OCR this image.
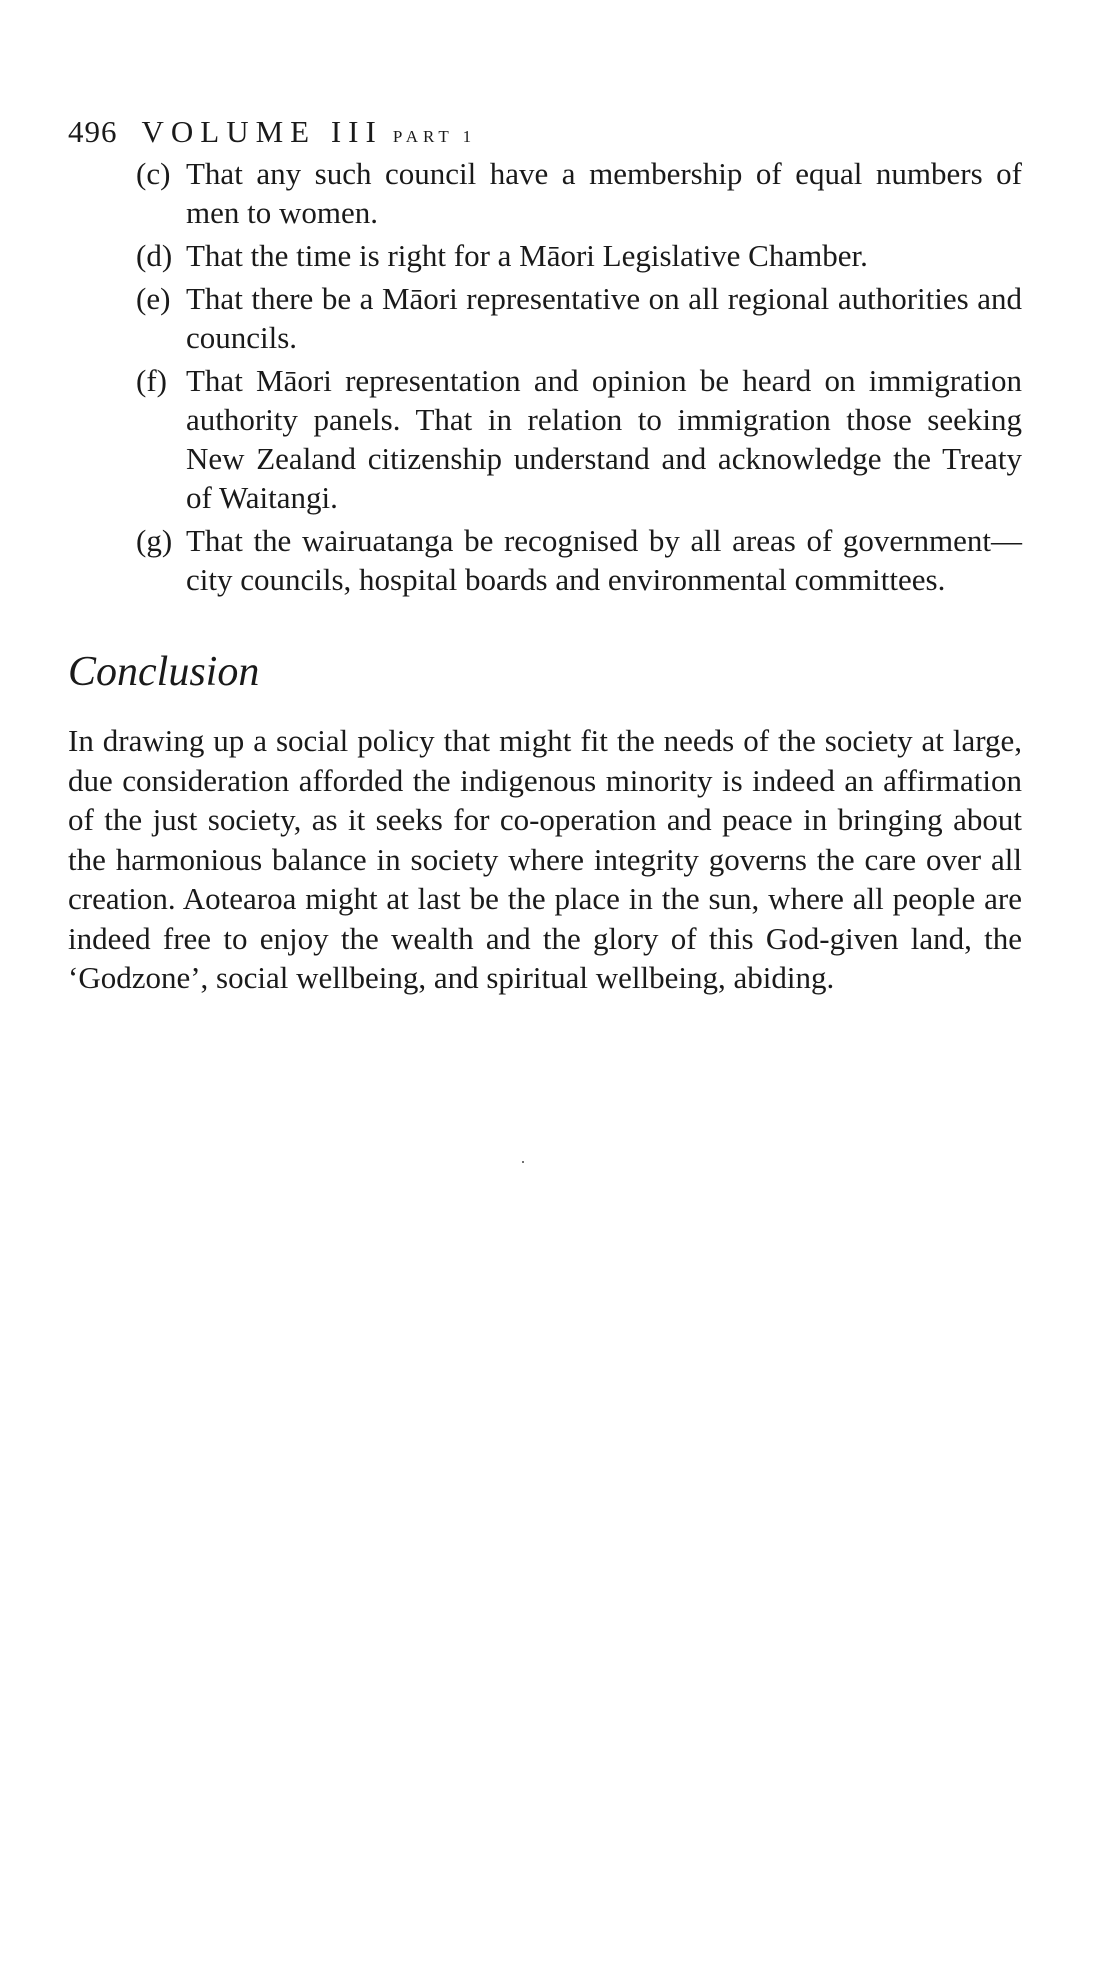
496 VOLUME III PART 1
(c) That any such council have a membership of equal numbers of men to women.
(d) That the time is right for a Māori Legislative Chamber.
(e) That there be a Māori representative on all regional authorities and councils.
(f) That Māori representation and opinion be heard on immigration authority panels. That in relation to immigration those seeking New Zealand citizenship understand and acknowledge the Treaty of Waitangi.
(g) That the wairuatanga be recognised by all areas of government—city councils, hospital boards and environmental committees.
Conclusion

In drawing up a social policy that might fit the needs of the society at large, due consideration afforded the indigenous minority is indeed an affirmation of the just society, as it seeks for co-operation and peace in bringing about the harmonious balance in society where integrity governs the care over all creation. Aotearoa might at last be the place in the sun, where all people are indeed free to enjoy the wealth and the glory of this God-given land, the ‘Godzone’, social wellbeing, and spiritual wellbeing, abiding.
